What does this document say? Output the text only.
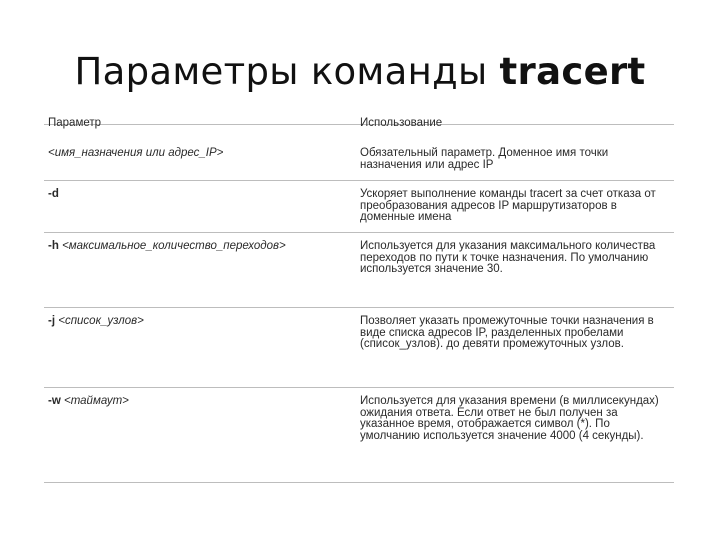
Параметры команды tracert
Параметр	Использование
<имя_назначения или адрес_IP>	Обязательный параметр. Доменное имя точки назначения или адрес IP
-d	Ускоряет выполнение команды tracert за счет отказа от преобразования адресов IP маршрутизаторов в доменные имена
-h <максимальное_количество_переходов>	Используется для указания максимального количества переходов по пути к точке назначения. По умолчанию используется значение 30.
-j <список_узлов>	Позволяет указать промежуточные точки назначения в виде списка адресов IP, разделенных пробелами (список_узлов). до девяти промежуточных узлов.
-w <таймаут>	Используется для указания времени (в миллисекундах) ожидания ответа. Если ответ не был получен за указанное время, отображается символ (*). По умолчанию используется значение 4000 (4 секунды).
